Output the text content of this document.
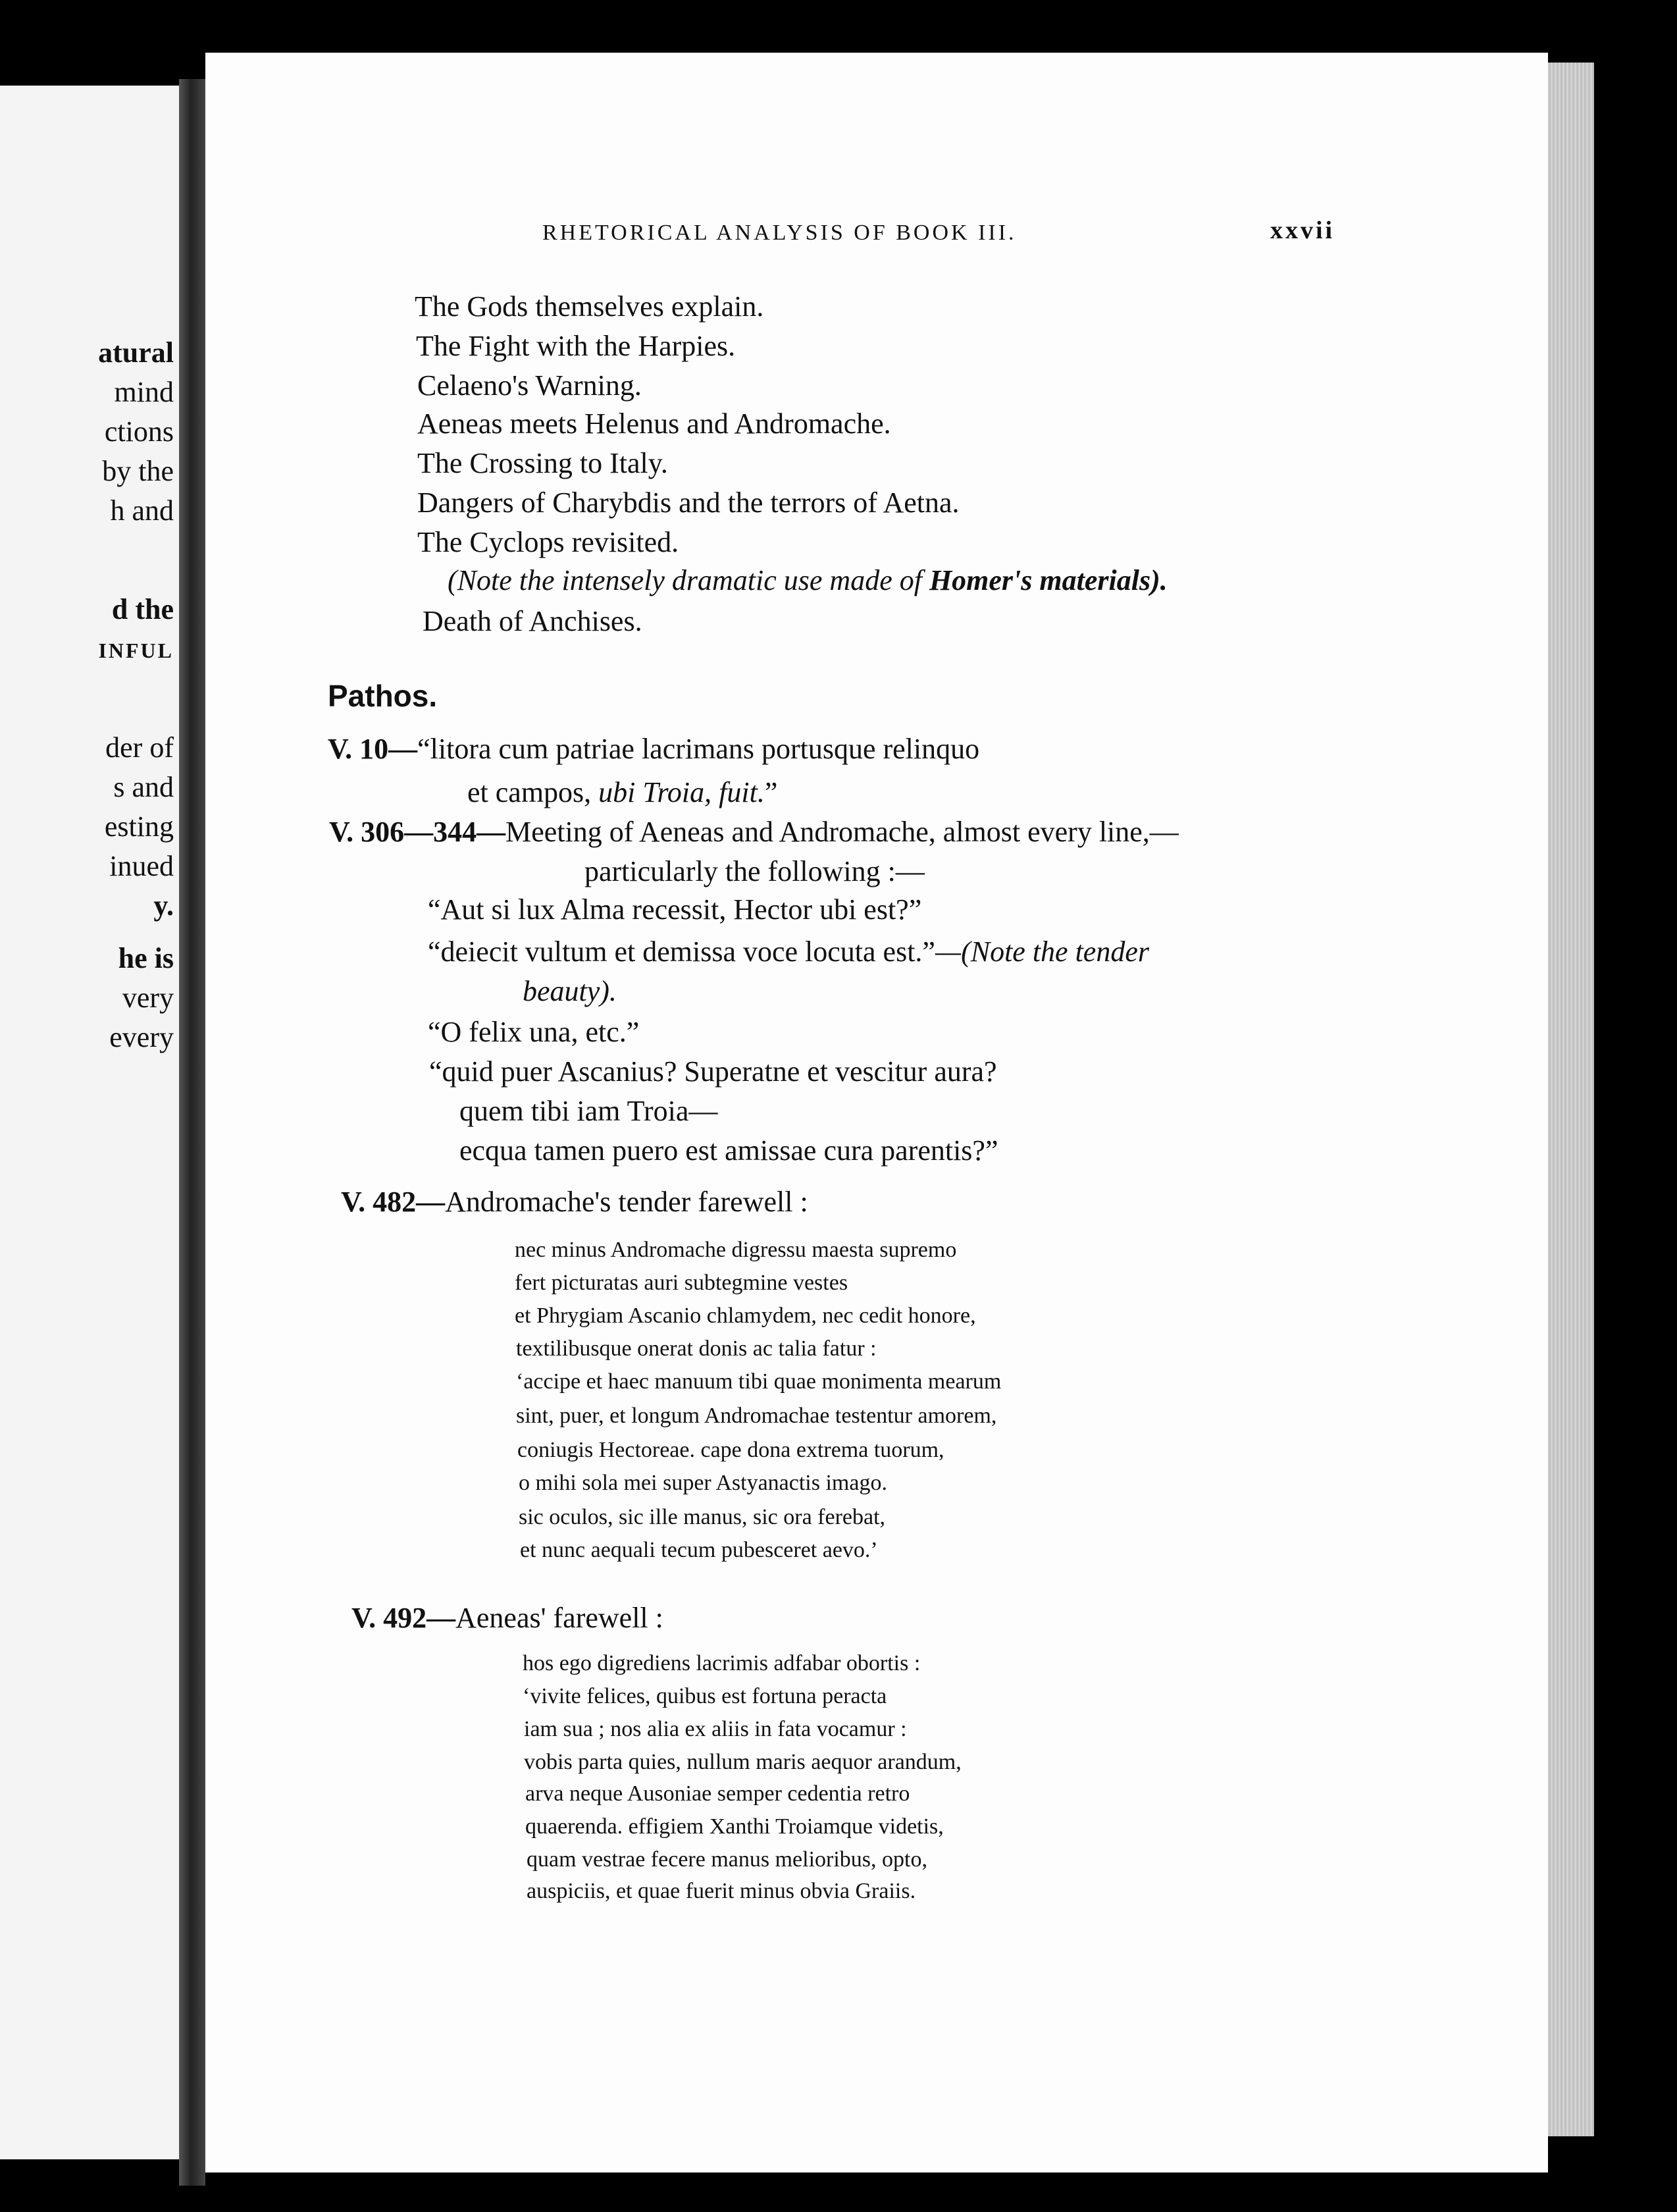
atural
mind
ctions
by the
h and
d the
INFUL
der of
s and
esting
inued
y.
he is
very
every
RHETORICAL ANALYSIS OF BOOK III.	xxvii
The Gods themselves explain.
The Fight with the Harpies.
Celaeno's Warning.
Aeneas meets Helenus and Andromache.
The Crossing to Italy.
Dangers of Charybdis and the terrors of Aetna.
The Cyclops revisited.
(Note the intensely dramatic use made of Homer's materials).
Death of Anchises.
Pathos.
V. 10—“litora cum patriae lacrimans portusque relinquo
et campos, ubi Troia, fuit.”
V. 306—344—Meeting of Aeneas and Andromache, almost every line,—
particularly the following :—
“Aut si lux Alma recessit, Hector ubi est?”
“deiecit vultum et demissa voce locuta est.”—(Note the tender
beauty).
“O felix una, etc.”
“quid puer Ascanius? Superatne et vescitur aura?
quem tibi iam Troia—
ecqua tamen puero est amissae cura parentis?”
V. 482—Andromache's tender farewell :
nec minus Andromache digressu maesta supremo
fert picturatas auri subtegmine vestes
et Phrygiam Ascanio chlamydem, nec cedit honore,
textilibusque onerat donis ac talia fatur :
‘accipe et haec manuum tibi quae monimenta mearum
sint, puer, et longum Andromachae testentur amorem,
coniugis Hectoreae. cape dona extrema tuorum,
o mihi sola mei super Astyanactis imago.
sic oculos, sic ille manus, sic ora ferebat,
et nunc aequali tecum pubesceret aevo.’
V. 492—Aeneas' farewell :
hos ego digrediens lacrimis adfabar obortis :
‘vivite felices, quibus est fortuna peracta
iam sua ; nos alia ex aliis in fata vocamur :
vobis parta quies, nullum maris aequor arandum,
arva neque Ausoniae semper cedentia retro
quaerenda. effigiem Xanthi Troiamque videtis,
quam vestrae fecere manus melioribus, opto,
auspiciis, et quae fuerit minus obvia Graiis.
